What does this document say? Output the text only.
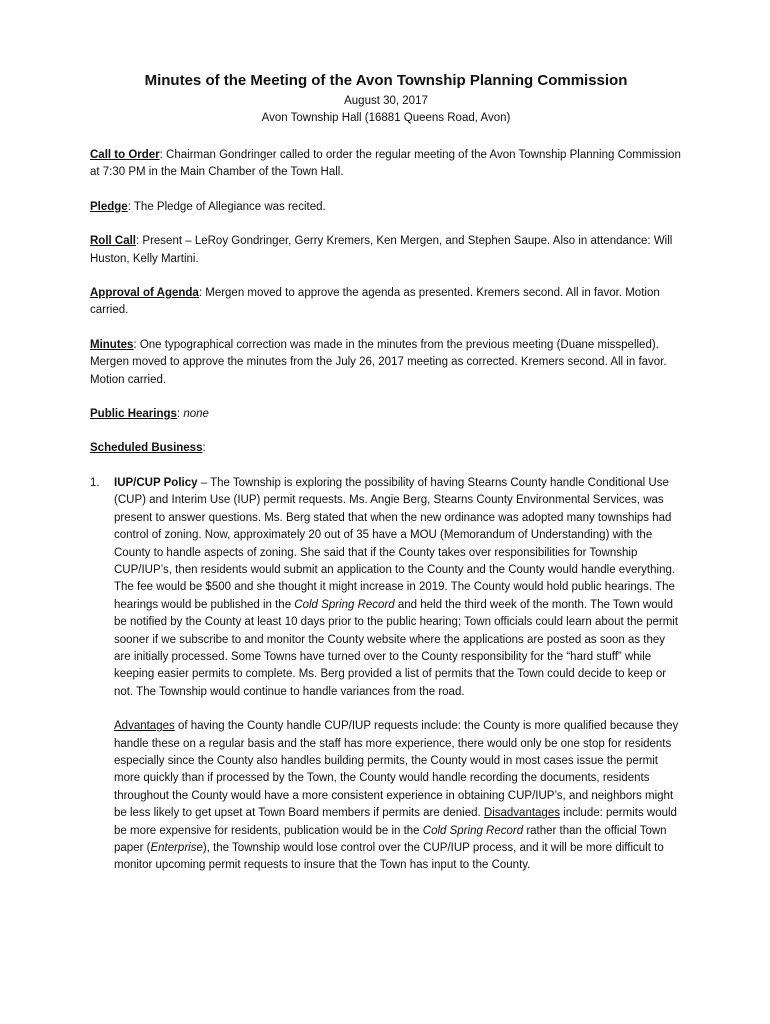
Minutes of the Meeting of the Avon Township Planning Commission
August 30, 2017
Avon Township Hall (16881 Queens Road, Avon)

Call to Order: Chairman Gondringer called to order the regular meeting of the Avon Township Planning Commission at 7:30 PM in the Main Chamber of the Town Hall.

Pledge: The Pledge of Allegiance was recited.

Roll Call: Present – LeRoy Gondringer, Gerry Kremers, Ken Mergen, and Stephen Saupe. Also in attendance: Will Huston, Kelly Martini.

Approval of Agenda: Mergen moved to approve the agenda as presented. Kremers second. All in favor. Motion carried.

Minutes: One typographical correction was made in the minutes from the previous meeting (Duane misspelled). Mergen moved to approve the minutes from the July 26, 2017 meeting as corrected. Kremers second. All in favor. Motion carried.

Public Hearings: none

Scheduled Business:

1.	IUP/CUP Policy – The Township is exploring the possibility of having Stearns County handle Conditional Use (CUP) and Interim Use (IUP) permit requests. Ms. Angie Berg, Stearns County Environmental Services, was present to answer questions. Ms. Berg stated that when the new ordinance was adopted many townships had control of zoning. Now, approximately 20 out of 35 have a MOU (Memorandum of Understanding) with the County to handle aspects of zoning. She said that if the County takes over responsibilities for Township CUP/IUP’s, then residents would submit an application to the County and the County would handle everything. The fee would be $500 and she thought it might increase in 2019. The County would hold public hearings. The hearings would be published in the Cold Spring Record and held the third week of the month. The Town would be notified by the County at least 10 days prior to the public hearing; Town officials could learn about the permit sooner if we subscribe to and monitor the County website where the applications are posted as soon as they are initially processed. Some Towns have turned over to the County responsibility for the “hard stuff” while keeping easier permits to complete. Ms. Berg provided a list of permits that the Town could decide to keep or not. The Township would continue to handle variances from the road.

Advantages of having the County handle CUP/IUP requests include: the County is more qualified because they handle these on a regular basis and the staff has more experience, there would only be one stop for residents especially since the County also handles building permits, the County would in most cases issue the permit more quickly than if processed by the Town, the County would handle recording the documents, residents throughout the County would have a more consistent experience in obtaining CUP/IUP’s, and neighbors might be less likely to get upset at Town Board members if permits are denied. Disadvantages include: permits would be more expensive for residents, publication would be in the Cold Spring Record rather than the official Town paper (Enterprise), the Township would lose control over the CUP/IUP process, and it will be more difficult to monitor upcoming permit requests to insure that the Town has input to the County.
